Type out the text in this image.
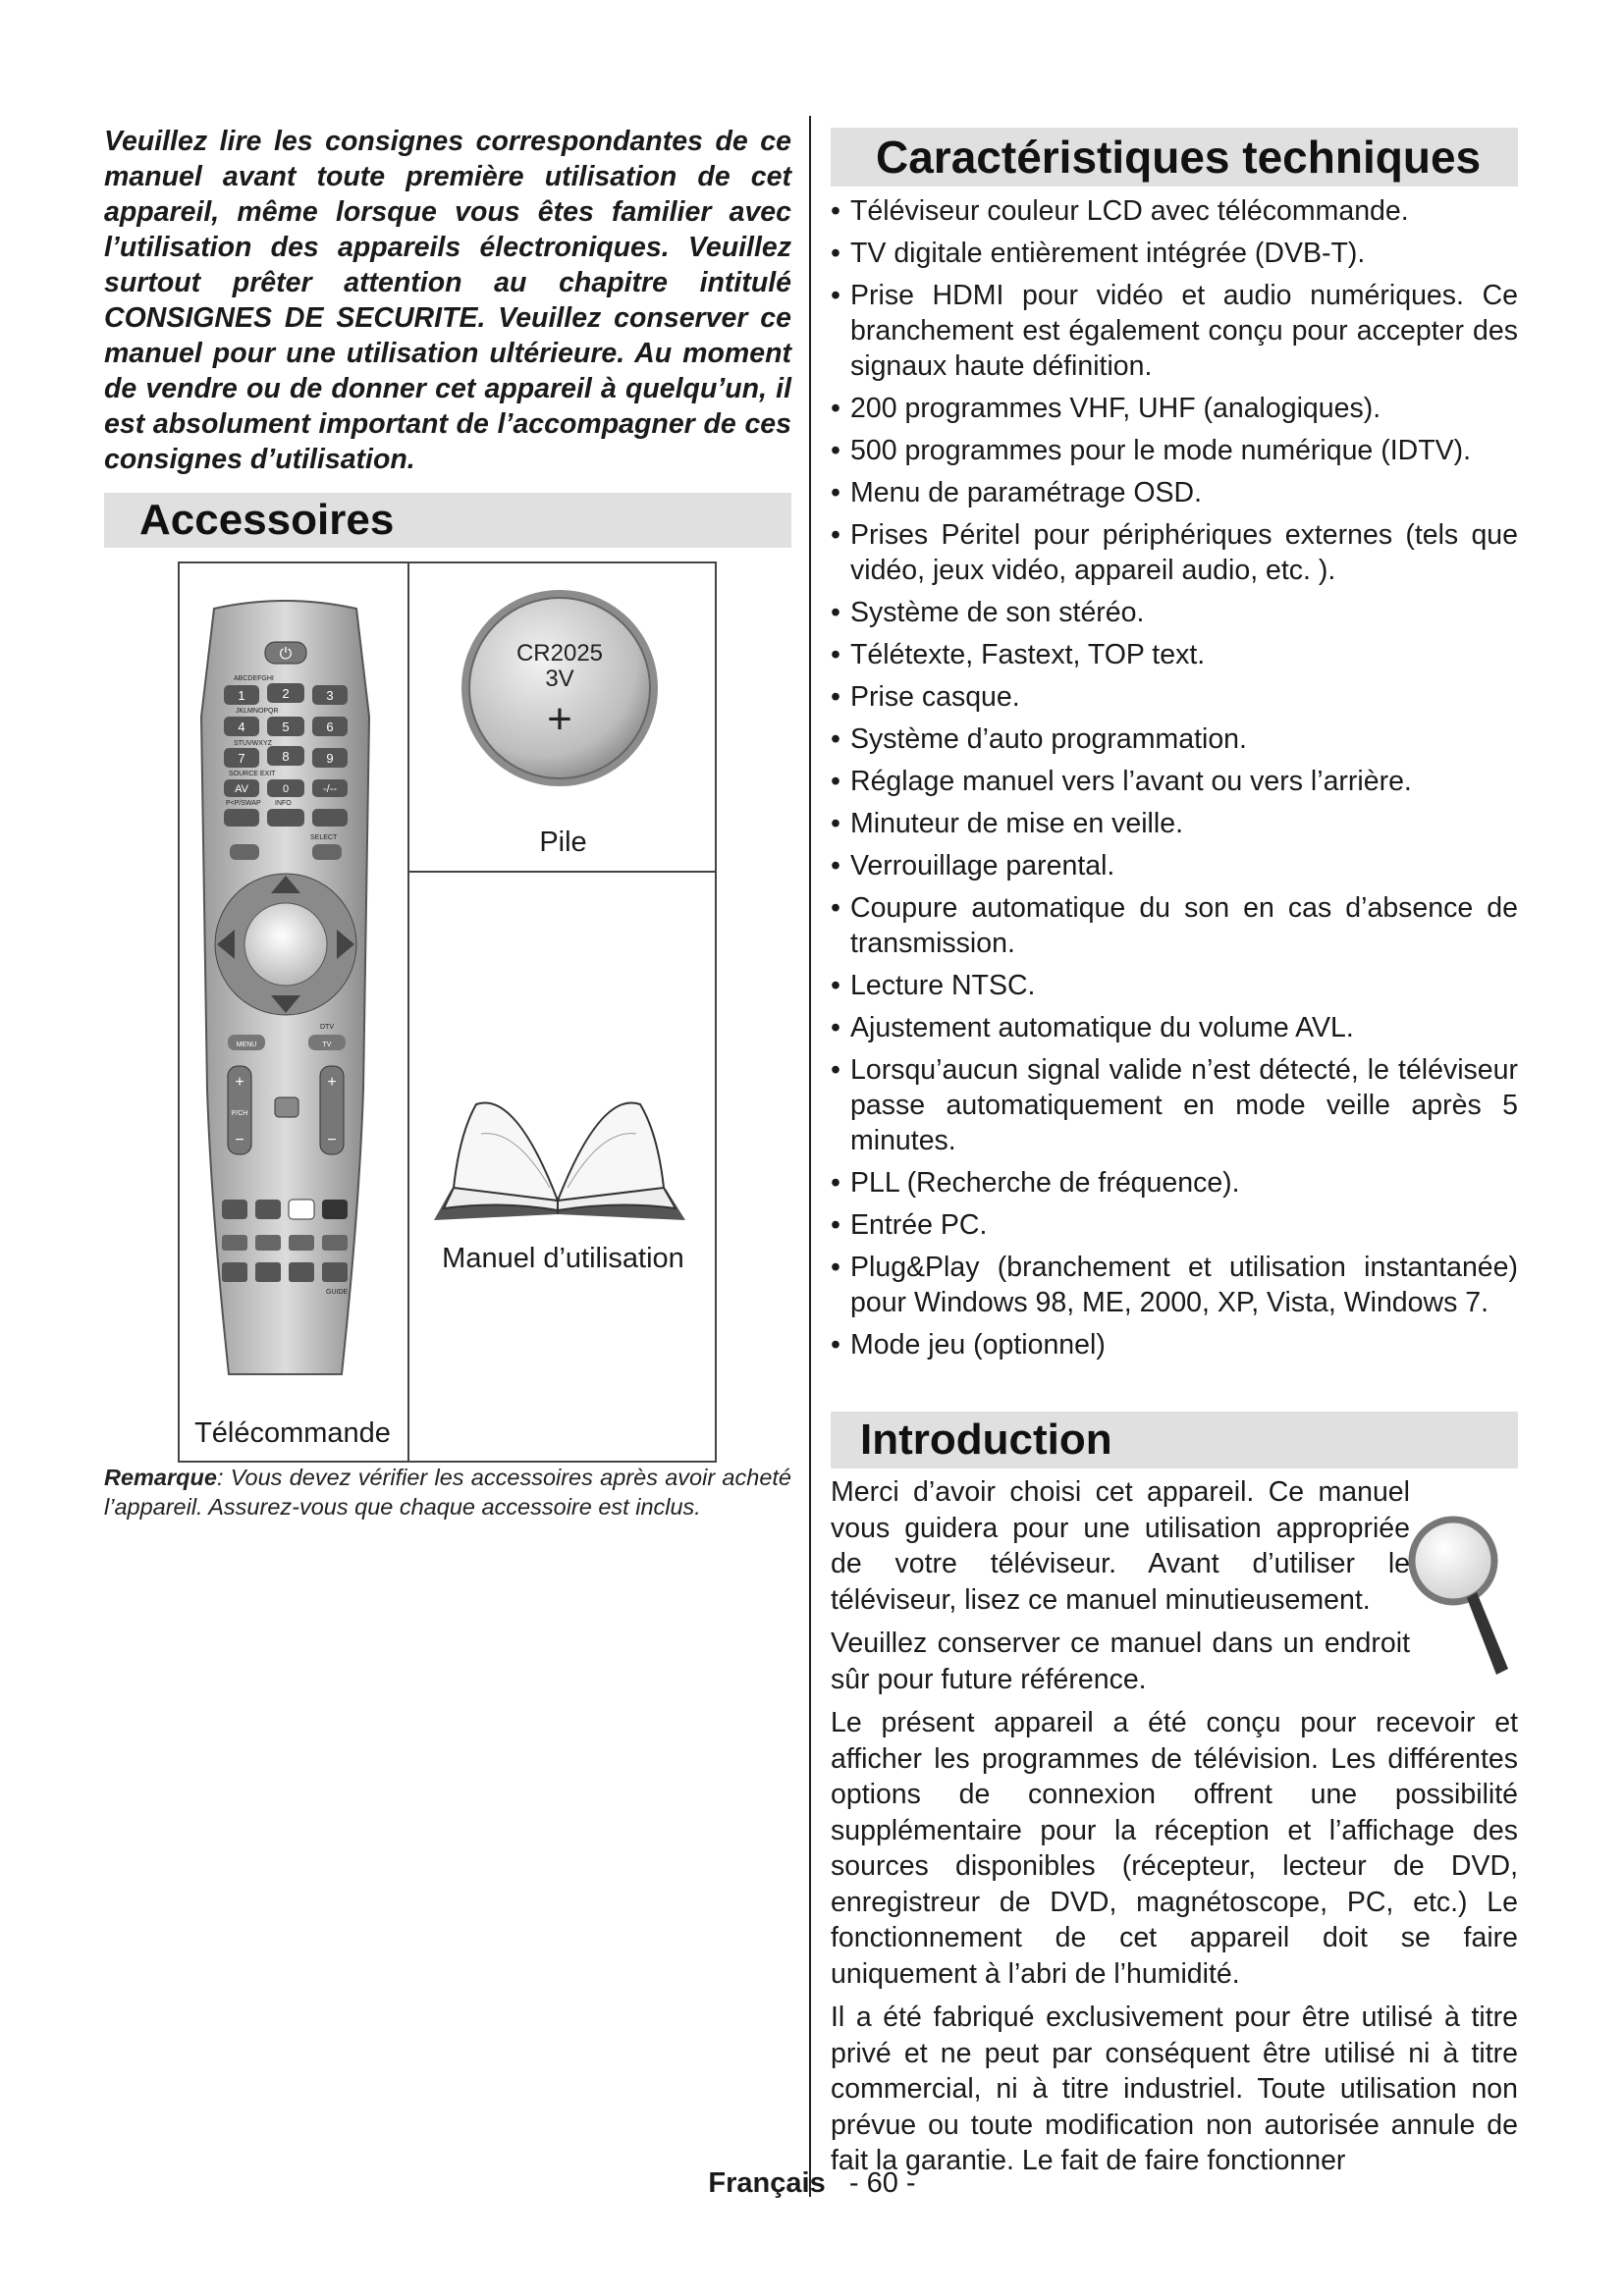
Veuillez lire les consignes correspondantes de ce manuel avant toute première utilisation de cet appareil, même lorsque vous êtes familier avec l’utilisation des appareils électroniques. Veuillez surtout prêter attention au chapitre intitulé CONSIGNES DE SECURITE. Veuillez conserver ce manuel pour une utilisation ultérieure. Au moment de vendre ou de donner cet appareil à quelqu’un, il est absolument important de l’accompagner de ces consignes d’utilisation.
Accessoires
⏻
ABCDEFGHI
1	2	3
JKLMNOPQR
4	5	6
STUVWXYZ
7	8	9
SOURCE EXIT
AV	0	-/--
P<P/SWAP INFO
SELECT
DTV
MENU	TV
+
−
P/CH
+
−
GUIDE
Télécommande
CR2025
3V
+
Pile
Manuel d’utilisation
Remarque: Vous devez vérifier les accessoires après avoir acheté l’appareil. Assurez-vous que chaque accessoire est inclus.
Caractéristiques techniques
• Téléviseur couleur LCD avec télécommande.
• TV digitale entièrement intégrée (DVB-T).
• Prise HDMI pour vidéo et audio numériques. Ce branchement est également conçu pour accepter des signaux haute définition.
• 200 programmes VHF, UHF (analogiques).
• 500 programmes pour le mode numérique (IDTV).
• Menu de paramétrage OSD.
• Prises Péritel pour périphériques externes (tels que vidéo, jeux vidéo, appareil audio, etc. ).
• Système de son stéréo.
• Télétexte, Fastext, TOP text.
• Prise casque.
• Système d’auto programmation.
• Réglage manuel vers l’avant ou vers l’arrière.
• Minuteur de mise en veille.
• Verrouillage parental.
• Coupure automatique du son en cas d’absence de transmission.
• Lecture NTSC.
• Ajustement automatique du volume AVL.
• Lorsqu’aucun signal valide n’est détecté, le téléviseur passe automatiquement en mode veille après 5 minutes.
• PLL (Recherche de fréquence).
• Entrée PC.
• Plug&Play (branchement et utilisation instantanée) pour Windows 98, ME, 2000, XP, Vista, Windows 7.
• Mode jeu (optionnel)
Introduction

Merci d’avoir choisi cet appareil. Ce manuel vous guidera pour une utilisation appropriée de votre téléviseur. Avant d’utiliser le téléviseur, lisez ce manuel minutieusement.

Veuillez conserver ce manuel dans un endroit sûr pour future référence.

Le présent appareil a été conçu pour recevoir et afficher les programmes de télévision. Les différentes options de connexion offrent une possibilité supplémentaire pour la réception et l’affichage des sources disponibles (récepteur, lecteur de DVD, enregistreur de DVD, magnétoscope, PC, etc.) Le fonctionnement de cet appareil doit se faire uniquement à l’abri de l’humidité.

Il a été fabriqué exclusivement pour être utilisé à titre privé et ne peut par conséquent être utilisé ni à titre commercial, ni à titre industriel. Toute utilisation non prévue ou toute modification non autorisée annule de fait la garantie. Le fait de faire fonctionner

Français - 60 -
